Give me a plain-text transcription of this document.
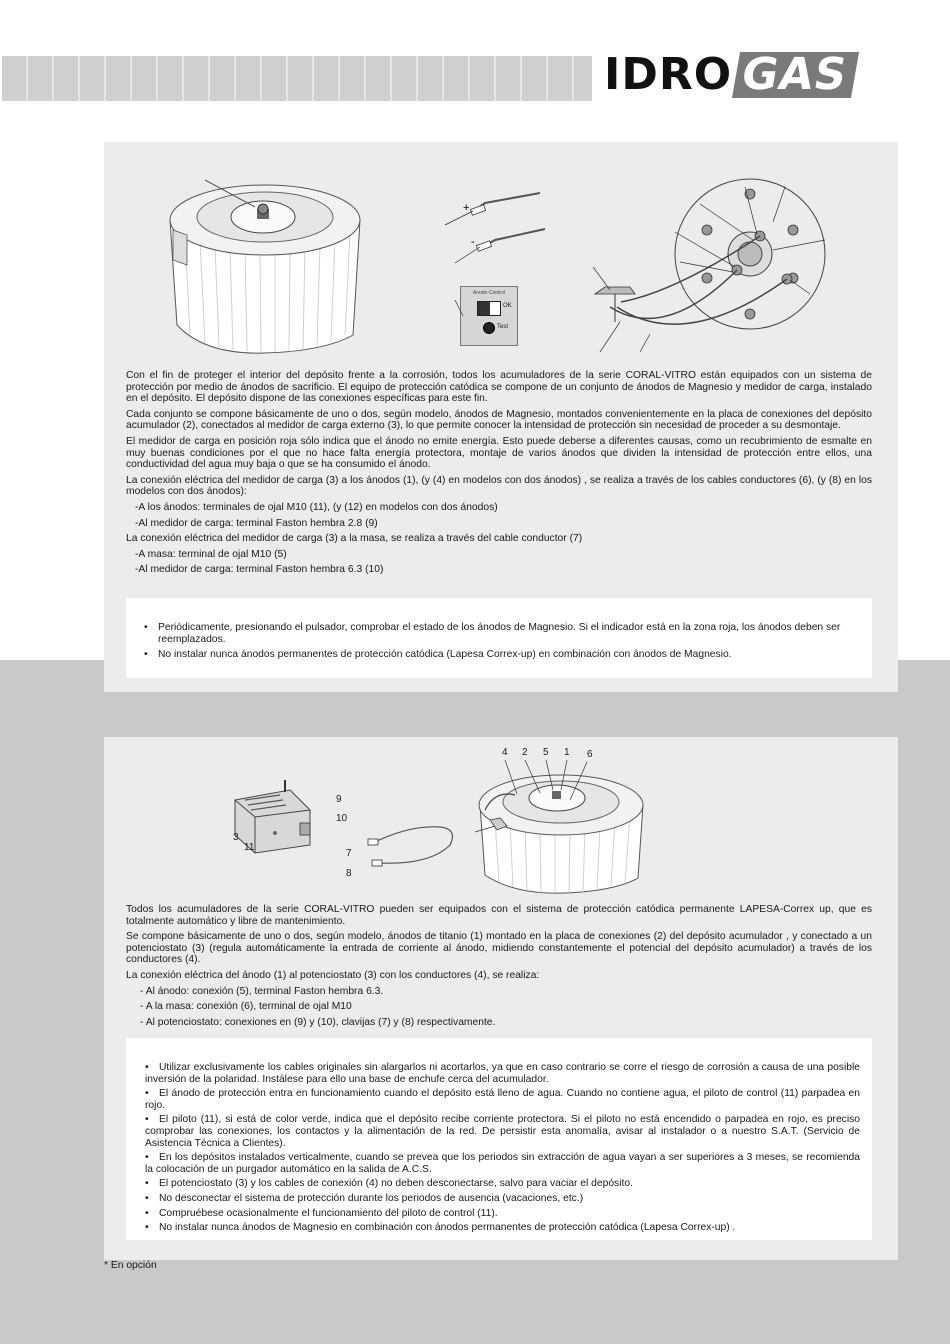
IDRO GAS
+
-
Anode-Control
OK
Test

Con el fin de proteger el interior del depósito frente a la corrosión, todos los acumuladores de la serie CORAL-VITRO están equipados con un sistema de protección por medio de ánodos de sacrificio. El equipo de protección catódica se compone de un conjunto de ánodos de Magnesio y medidor de carga, instalado en el depósito. El depósito dispone de las conexiones específicas para este fin.

Cada conjunto se compone básicamente de uno o dos, según modelo, ánodos de Magnesio, montados convenientemente en la placa de conexiones del depósito acumulador (2), conectados al medidor de carga externo (3), lo que permite conocer la intensidad de protección sin necesidad de proceder a su desmontaje.

El medidor de carga en posición roja sólo indica que el ánodo no emite energía. Esto puede deberse a diferentes causas, como un recubrimiento de esmalte en muy buenas condiciones por el que no hace falta energía protectora, montaje de varios ánodos que dividen la intensidad de protección entre ellos, una conductividad del agua muy baja o que se ha consumido el ánodo.

La conexión eléctrica del medidor de carga (3) a los ánodos (1), (y (4) en modelos con dos ánodos) , se realiza a través de los cables conductores (6), (y (8) en los modelos con dos ánodos):

-A los ánodos: terminales de ojal M10 (11), (y (12) en modelos con dos ánodos)

-Al medidor de carga: terminal Faston hembra 2.8 (9)

La conexión eléctrica del medidor de carga (3) a la masa, se realiza a través del cable conductor (7)

-A masa: terminal de ojal M10 (5)

-Al medidor de carga: terminal Faston hembra 6.3 (10)

•	Periódicamente, presionando el pulsador, comprobar el estado de los ánodos de Magnesio. Si el indicador está en la zona roja, los ánodos deben ser reemplazados.
•	No instalar nunca ánodos permanentes de protección catódica (Lapesa Correx-up) en combinación con ánodos de Magnesio.
9
10
3
11
7
8
4 2 5 1 6

Todos los acumuladores de la serie CORAL-VITRO pueden ser equipados con el sistema de protección catódica permanente LAPESA-Correx up, que es totalmente automático y libre de mantenimiento.

Se compone básicamente de uno o dos, según modelo, ánodos de titanio (1) montado en la placa de conexiones (2) del depósito acumulador , y conectado a un potenciostato (3) (regula automáticamente la entrada de corriente al ánodo, midiendo constantemente el potencial del depósito acumulador) a través de los conductores (4).

La conexión eléctrica del ánodo (1) al potenciostato (3) con los conductores (4), se realiza:

- Al ánodo: conexión (5), terminal Faston hembra 6.3.

- A la masa: conexión (6), terminal de ojal M10

- Al potenciostato: conexiones en (9) y (10), clavijas (7) y (8) respectivamente.

• Utilizar exclusivamente los cables originales sin alargarlos ni acortarlos, ya que en caso contrario se corre el riesgo de corrosión a causa de una posible inversión de la polaridad. Instálese para ello una base de enchufe cerca del acumulador.
• El ánodo de protección entra en funcionamiento cuando el depósito está lleno de agua. Cuando no contiene agua, el piloto de control (11) parpadea en rojo.
• El piloto (11), si está de color verde, indica que el depósito recibe corriente protectora. Si el piloto no está encendido o parpadea en rojo, es preciso comprobar las conexiones, los contactos y la alimentación de la red. De persistir esta anomalía, avisar al instalador o a nuestro S.A.T. (Servicio de Asistencia Técnica a Clientes).
• En los depósitos instalados verticalmente, cuando se prevea que los periodos sin extracción de agua vayan a ser superiores a 3 meses, se recomienda la colocación de un purgador automático en la salida de A.C.S.
• El potenciostato (3) y los cables de conexión (4) no deben desconectarse, salvo para vaciar el depósito.
• No desconectar el sistema de protección durante los periodos de ausencia (vacaciones, etc.)
• Compruébese ocasionalmente el funcionamiento del piloto de control (11).
• No instalar nunca ánodos de Magnesio en combinación con ánodos permanentes de protección catódica (Lapesa Correx-up) .
* En opción
